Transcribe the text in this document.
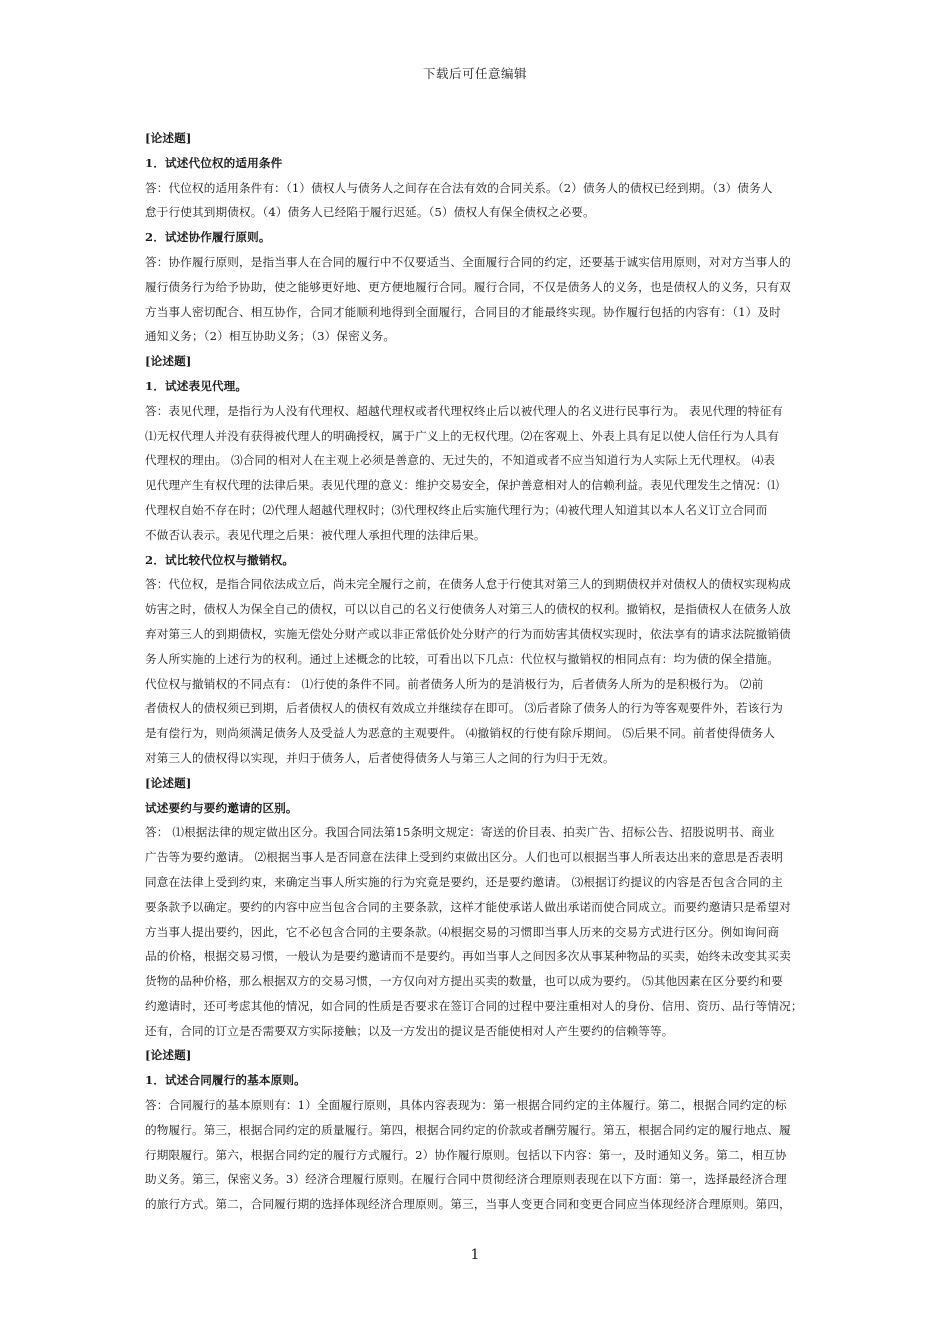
下载后可任意编辑
[论述题]
1．试述代位权的适用条件
答：代位权的适用条件有：（1）债权人与债务人之间存在合法有效的合同关系。（2）债务人的债权已经到期。（3）债务人
怠于行使其到期债权。（4）债务人已经陷于履行迟延。（5）债权人有保全债权之必要。
2．试述协作履行原则。
答：协作履行原则，是指当事人在合同的履行中不仅要适当、全面履行合同的约定，还要基于诚实信用原则，对对方当事人的
履行债务行为给予协助，使之能够更好地、更方便地履行合同。履行合同，不仅是债务人的义务，也是债权人的义务，只有双
方当事人密切配合、相互协作，合同才能顺利地得到全面履行，合同目的才能最终实现。协作履行包括的内容有：（1）及时
通知义务；（2）相互协助义务；（3）保密义务。
[论述题]
1．试述表见代理。
答：表见代理，是指行为人没有代理权、超越代理权或者代理权终止后以被代理人的名义进行民事行为。 表见代理的特征有
⑴无权代理人并没有获得被代理人的明确授权，属于广义上的无权代理。⑵在客观上、外表上具有足以使人信任行为人具有
代理权的理由。 ⑶合同的相对人在主观上必须是善意的、无过失的，不知道或者不应当知道行为人实际上无代理权。 ⑷表
见代理产生有权代理的法律后果。表见代理的意义：维护交易安全，保护善意相对人的信赖利益。表见代理发生之情况：⑴
代理权自始不存在时；⑵代理人超越代理权时；⑶代理权终止后实施代理行为；⑷被代理人知道其以本人名义订立合同而
不做否认表示。表见代理之后果：被代理人承担代理的法律后果。
2．试比较代位权与撤销权。
答：代位权，是指合同依法成立后，尚未完全履行之前，在债务人怠于行使其对第三人的到期债权并对债权人的债权实现构成
妨害之时，债权人为保全自己的债权，可以以自己的名义行使债务人对第三人的债权的权利。撤销权，是指债权人在债务人放
弃对第三人的到期债权，实施无偿处分财产或以非正常低价处分财产的行为而妨害其债权实现时，依法享有的请求法院撤销债
务人所实施的上述行为的权利。通过上述概念的比较，可看出以下几点：代位权与撤销权的相同点有：均为债的保全措施。
代位权与撤销权的不同点有： ⑴行使的条件不同。前者债务人所为的是消极行为，后者债务人所为的是积极行为。 ⑵前
者债权人的债权须已到期，后者债权人的债权有效成立并继续存在即可。 ⑶后者除了债务人的行为等客观要件外，若该行为
是有偿行为，则尚须满足债务人及受益人为恶意的主观要件。 ⑷撤销权的行使有除斥期间。 ⑸后果不同。前者使得债务人
对第三人的债权得以实现，并归于债务人，后者使得债务人与第三人之间的行为归于无效。
[论述题]
试述要约与要约邀请的区别。
答： ⑴根据法律的规定做出区分。我国合同法第15条明文规定：寄送的价目表、拍卖广告、招标公告、招股说明书、商业
广告等为要约邀请。 ⑵根据当事人是否同意在法律上受到约束做出区分。人们也可以根据当事人所表达出来的意思是否表明
同意在法律上受到约束，来确定当事人所实施的行为究竟是要约，还是要约邀请。 ⑶根据订约提议的内容是否包含合同的主
要条款予以确定。要约的内容中应当包含合同的主要条款，这样才能使承诺人做出承诺而使合同成立。而要约邀请只是希望对
方当事人提出要约，因此，它不必包含合同的主要条款。⑷根据交易的习惯即当事人历来的交易方式进行区分。例如询问商
品的价格，根据交易习惯，一般认为是要约邀请而不是要约。再如当事人之间因多次从事某种物品的买卖，始终未改变其买卖
货物的品种价格，那么根据双方的交易习惯，一方仅向对方提出买卖的数量，也可以成为要约。 ⑸其他因素在区分要约和要
约邀请时，还可考虑其他的情况，如合同的性质是否要求在签订合同的过程中要注重相对人的身份、信用、资历、品行等情况；
还有，合同的订立是否需要双方实际接触；以及一方发出的提议是否能使相对人产生要约的信赖等等。
[论述题]
1．试述合同履行的基本原则。
答：合同履行的基本原则有：1）全面履行原则，具体内容表现为：第一根据合同约定的主体履行。第二，根据合同约定的标
的物履行。第三，根据合同约定的质量履行。第四，根据合同约定的价款或者酬劳履行。第五，根据合同约定的履行地点、履
行期限履行。第六，根据合同约定的履行方式履行。2）协作履行原则。包括以下内容：第一，及时通知义务。第二，相互协
助义务。第三，保密义务。3）经济合理履行原则。在履行合同中贯彻经济合理原则表现在以下方面：第一，选择最经济合理
的旅行方式。第二，合同履行期的选择体现经济合理原则。第三，当事人变更合同和变更合同应当体现经济合理原则。第四，
1
